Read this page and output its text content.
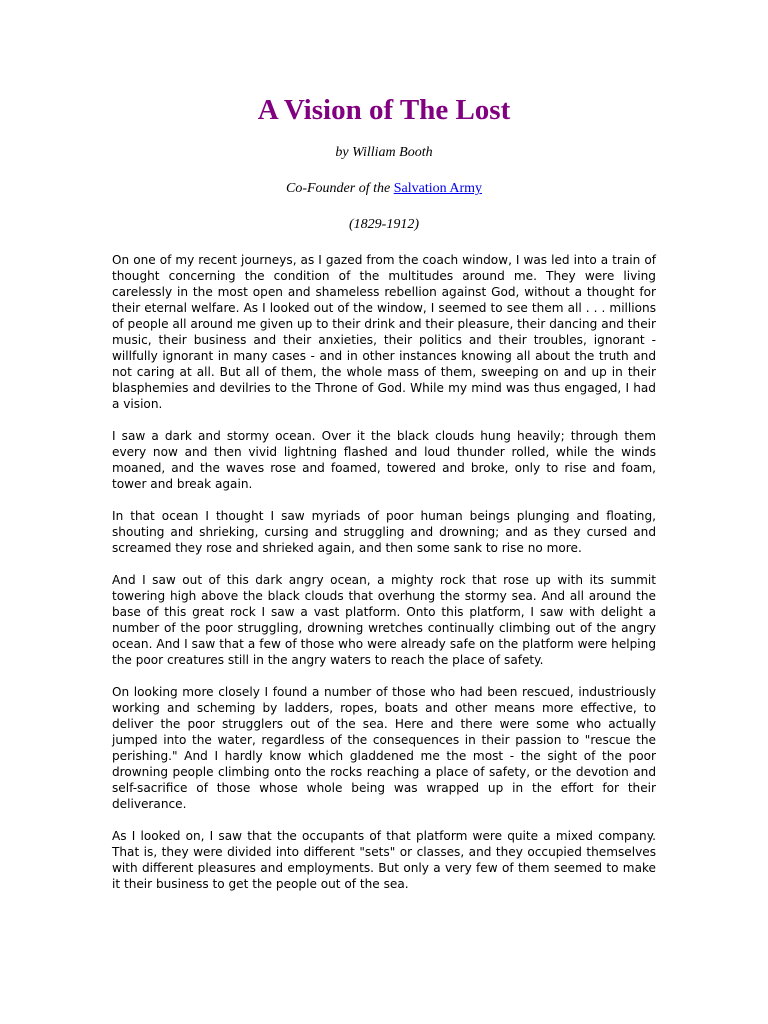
A Vision of The Lost

by William Booth

Co-Founder of the Salvation Army

(1829-1912)

On one of my recent journeys, as I gazed from the coach window, I was led into a train of thought concerning the condition of the multitudes around me. They were living carelessly in the most open and shameless rebellion against God, without a thought for their eternal welfare. As I looked out of the window, I seemed to see them all . . . millions of people all around me given up to their drink and their pleasure, their dancing and their music, their business and their anxieties, their politics and their troubles, ignorant - willfully ignorant in many cases - and in other instances knowing all about the truth and not caring at all. But all of them, the whole mass of them, sweeping on and up in their blasphemies and devilries to the Throne of God. While my mind was thus engaged, I had a vision.

I saw a dark and stormy ocean. Over it the black clouds hung heavily; through them every now and then vivid lightning flashed and loud thunder rolled, while the winds moaned, and the waves rose and foamed, towered and broke, only to rise and foam, tower and break again.

In that ocean I thought I saw myriads of poor human beings plunging and floating, shouting and shrieking, cursing and struggling and drowning; and as they cursed and screamed they rose and shrieked again, and then some sank to rise no more.

And I saw out of this dark angry ocean, a mighty rock that rose up with its summit towering high above the black clouds that overhung the stormy sea. And all around the base of this great rock I saw a vast platform. Onto this platform, I saw with delight a number of the poor struggling, drowning wretches continually climbing out of the angry ocean. And I saw that a few of those who were already safe on the platform were helping the poor creatures still in the angry waters to reach the place of safety.

On looking more closely I found a number of those who had been rescued, industriously working and scheming by ladders, ropes, boats and other means more effective, to deliver the poor strugglers out of the sea. Here and there were some who actually jumped into the water, regardless of the consequences in their passion to "rescue the perishing." And I hardly know which gladdened me the most - the sight of the poor drowning people climbing onto the rocks reaching a place of safety, or the devotion and self-sacrifice of those whose whole being was wrapped up in the effort for their deliverance.

As I looked on, I saw that the occupants of that platform were quite a mixed company. That is, they were divided into different "sets" or classes, and they occupied themselves with different pleasures and employments. But only a very few of them seemed to make it their business to get the people out of the sea.
